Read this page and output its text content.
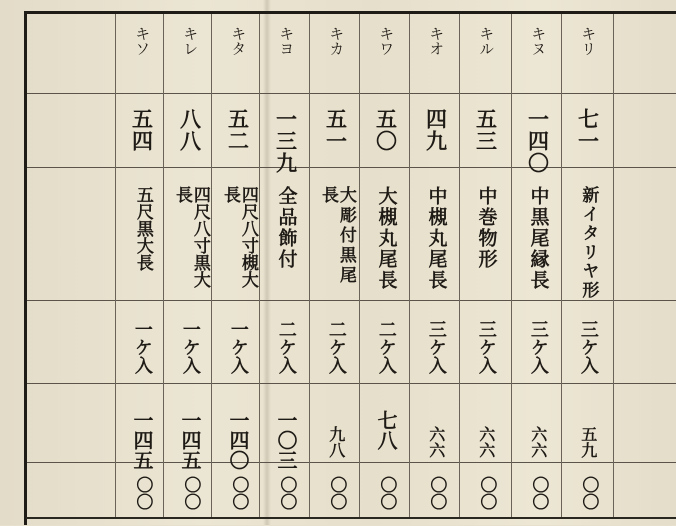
キリ
七一
新イタリヤ形
三ケ入
五九
〇〇
キヌ
一四〇
中黒尾縁長
三ケ入
六六
〇〇
キル
五三
中巻物形
三ケ入
六六
〇〇
キオ
四九
中槻丸尾長
三ケ入
六六
〇〇
キワ
五〇
大槻丸尾長
二ケ入
七八
〇〇
キカ
五一
大彫付黒尾長
二ケ入
九八
〇〇
キヨ
一三九
全品飾付
二ケ入
一〇三
〇〇
キタ
五二
四尺八寸槻大長
一ケ入
一四〇
〇〇
キレ
八八
四尺八寸黒大長
一ケ入
一四五
〇〇
キソ
五四
五尺黒大長
一ケ入
一四五
〇〇
